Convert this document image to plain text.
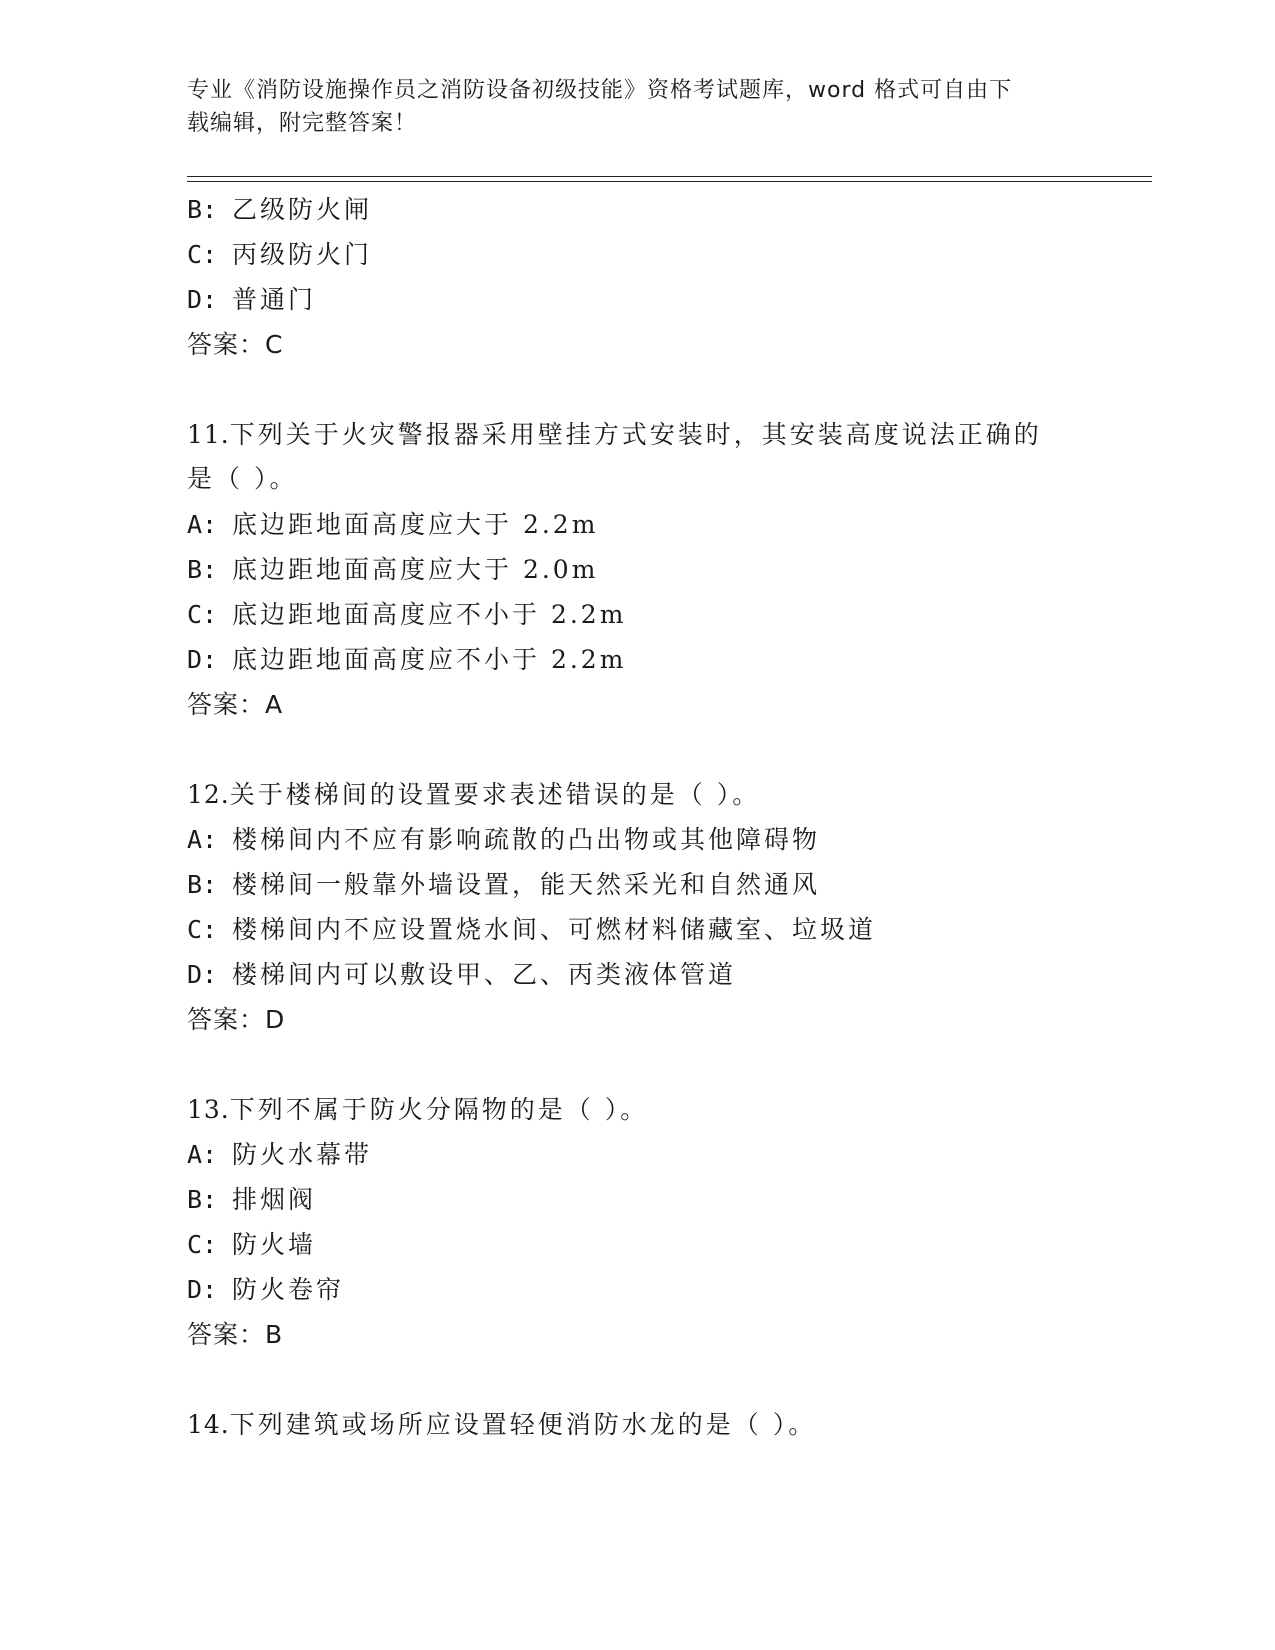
专业《消防设施操作员之消防设备初级技能》资格考试题库，word 格式可自由下
载编辑，附完整答案！
B: 乙级防火闸
C: 丙级防火门
D: 普通门
答案：C
11.下列关于火灾警报器采用壁挂方式安装时，其安装高度说法正确的
是（ ）。
A: 底边距地面高度应大于 2.2m
B: 底边距地面高度应大于 2.0m
C: 底边距地面高度应不小于 2.2m
D: 底边距地面高度应不小于 2.2m
答案：A
12.关于楼梯间的设置要求表述错误的是（ ）。
A: 楼梯间内不应有影响疏散的凸出物或其他障碍物
B: 楼梯间一般靠外墙设置，能天然采光和自然通风
C: 楼梯间内不应设置烧水间、可燃材料储藏室、垃圾道
D: 楼梯间内可以敷设甲、乙、丙类液体管道
答案：D
13.下列不属于防火分隔物的是（ ）。
A: 防火水幕带
B: 排烟阀
C: 防火墙
D: 防火卷帘
答案：B
14.下列建筑或场所应设置轻便消防水龙的是（ ）。
